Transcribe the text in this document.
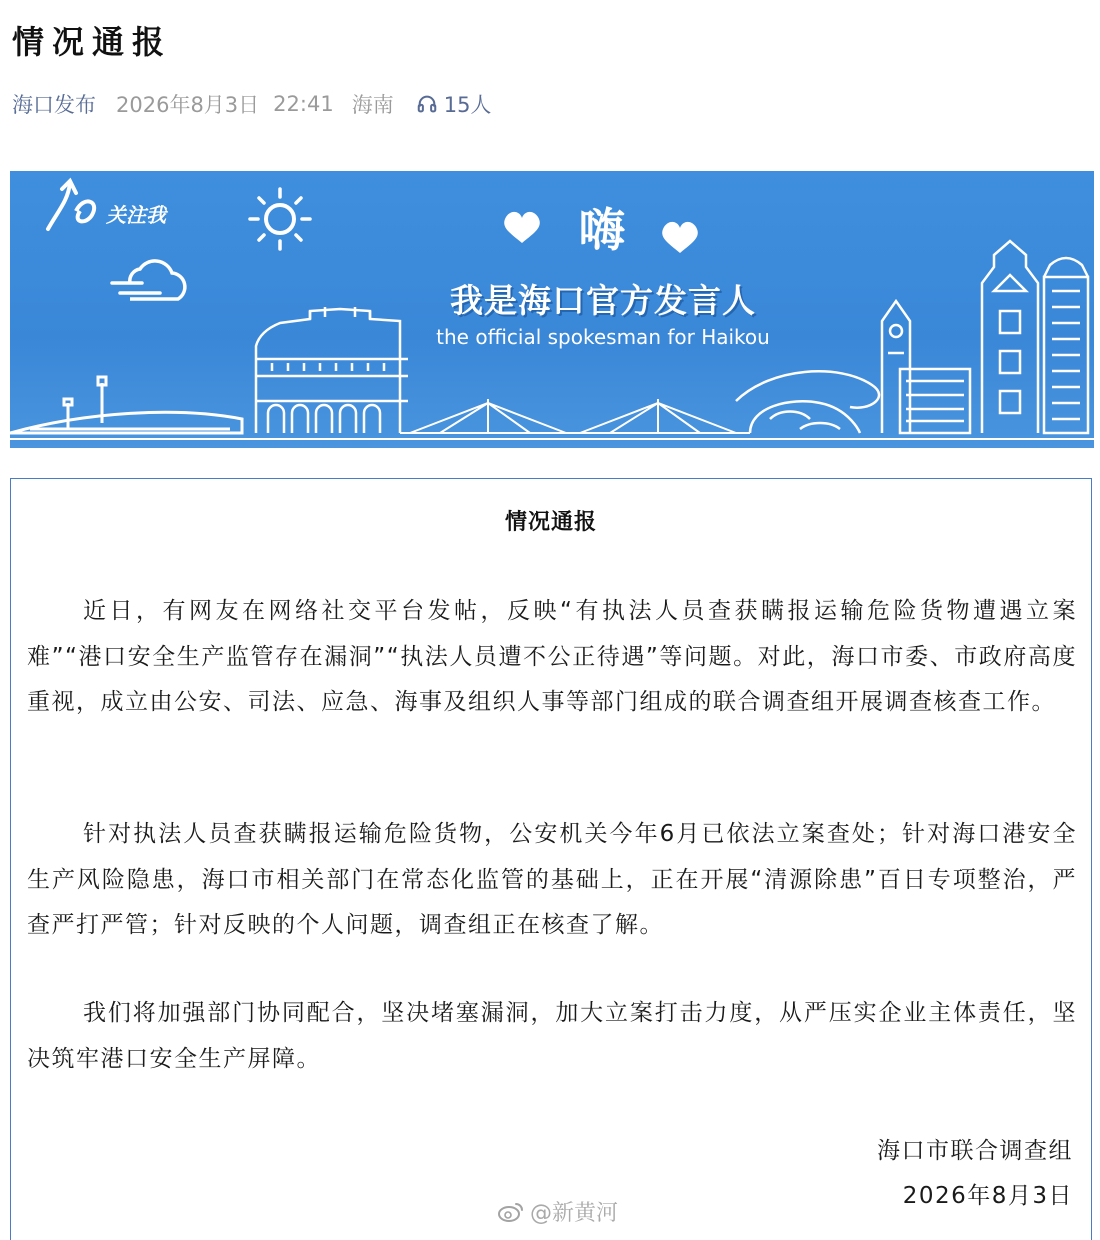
情况通报
海口发布 2026年8月3日 22:41 海南 15人
关注我	嗨
我是海口官方发言人
the official spokesman for Haikou
情况通报

近日，有网友在网络社交平台发帖，反映“有执法人员查获瞒报运输危险货物遭遇立案难”“港口安全生产监管存在漏洞”“执法人员遭不公正待遇”等问题。对此，海口市委、市政府高度重视，成立由公安、司法、应急、海事及组织人事等部门组成的联合调查组开展调查核查工作。

针对执法人员查获瞒报运输危险货物，公安机关今年6月已依法立案查处；针对海口港安全生产风险隐患，海口市相关部门在常态化监管的基础上，正在开展“清源除患”百日专项整治，严查严打严管；针对反映的个人问题，调查组正在核查了解。

我们将加强部门协同配合，坚决堵塞漏洞，加大立案打击力度，从严压实企业主体责任，坚决筑牢港口安全生产屏障。

海口市联合调查组
2026年8月3日
@新黄河
